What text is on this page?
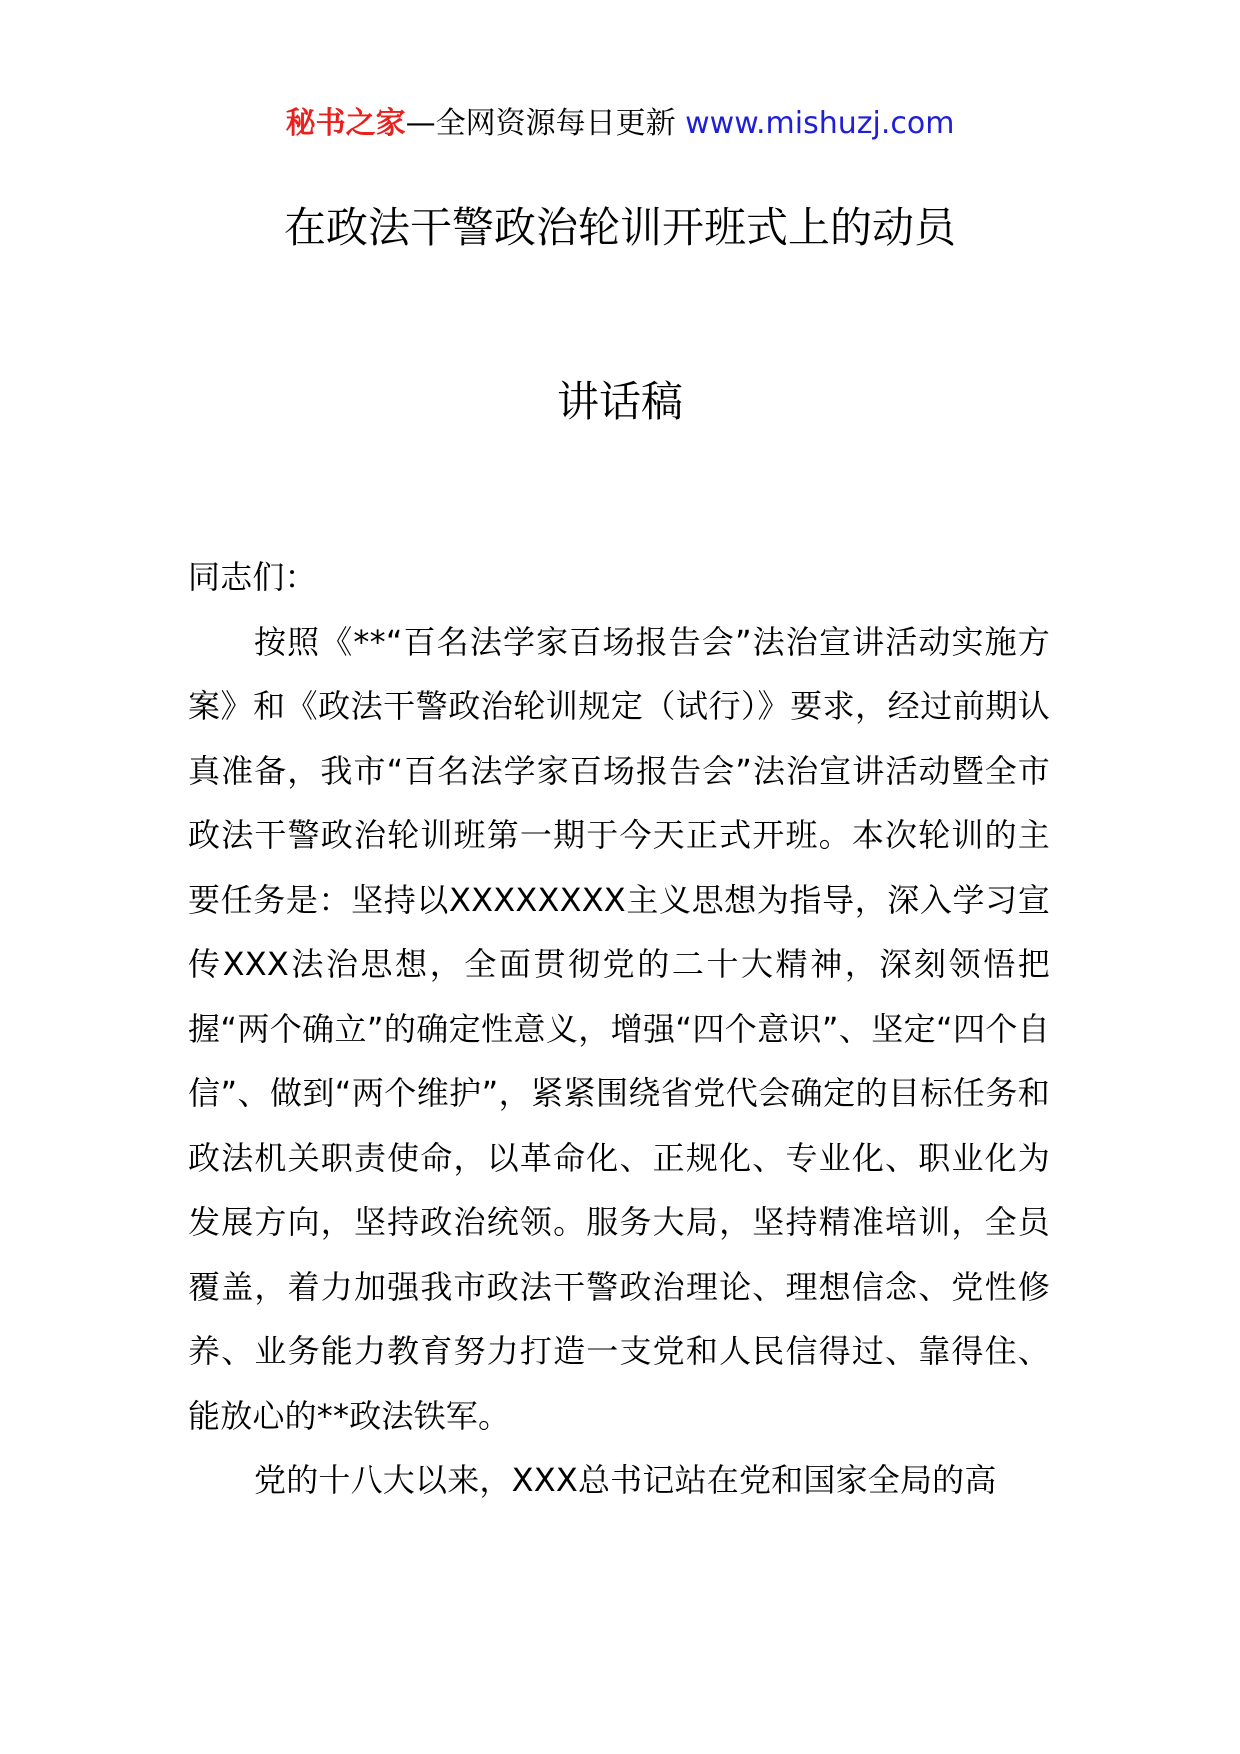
秘书之家—全网资源每日更新 www.mishuzj.com
在政法干警政治轮训开班式上的动员
讲话稿

同志们：

按照《**“百名法学家百场报告会”法治宣讲活动实施方案》和《政法干警政治轮训规定（试行）》要求，经过前期认真准备，我市“百名法学家百场报告会”法治宣讲活动暨全市政法干警政治轮训班第一期于今天正式开班。本次轮训的主要任务是：坚持以XXXXXXXX主义思想为指导，深入学习宣传XXX法治思想，全面贯彻党的二十大精神，深刻领悟把握“两个确立”的确定性意义，增强“四个意识”、坚定“四个自信”、做到“两个维护”，紧紧围绕省党代会确定的目标任务和政法机关职责使命，以革命化、正规化、专业化、职业化为发展方向，坚持政治统领。服务大局，坚持精准培训，全员覆盖，着力加强我市政法干警政治理论、理想信念、党性修养、业务能力教育努力打造一支党和人民信得过、靠得住、能放心的**政法铁军。

党的十八大以来，XXX总书记站在党和国家全局的高
